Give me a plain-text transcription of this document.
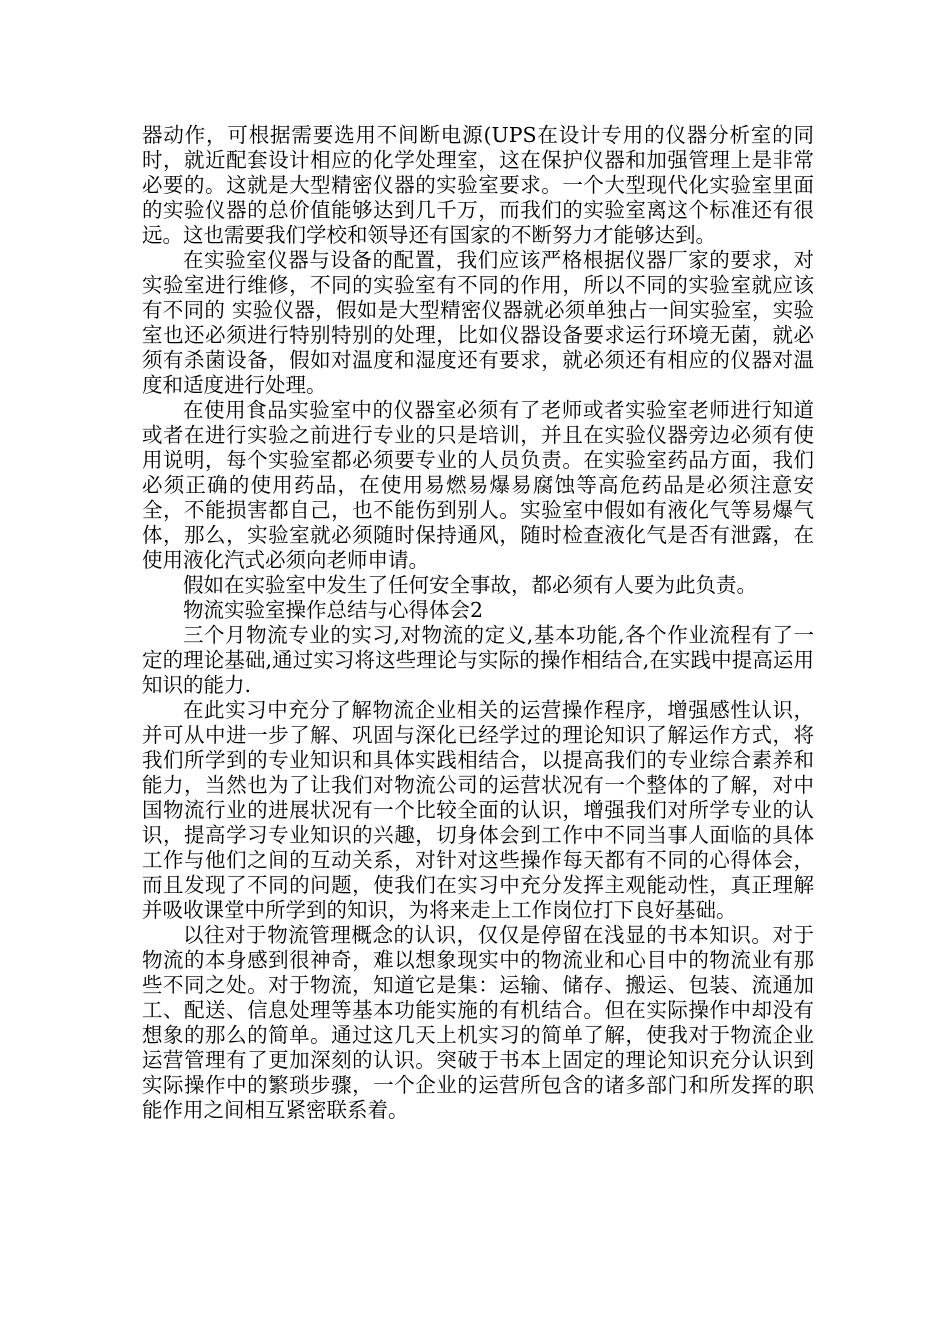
器动作，可根据需要选用不间断电源(UPS在设计专用的仪器分析室的同时，就近配套设计相应的化学处理室，这在保护仪器和加强管理上是非常必要的。这就是大型精密仪器的实验室要求。一个大型现代化实验室里面的实验仪器的总价值能够达到几千万，而我们的实验室离这个标准还有很远。这也需要我们学校和领导还有国家的不断努力才能够达到。

在实验室仪器与设备的配置，我们应该严格根据仪器厂家的要求，对实验室进行维修，不同的实验室有不同的作用，所以不同的实验室就应该有不同的 实验仪器，假如是大型精密仪器就必须单独占一间实验室，实验室也还必须进行特别特别的处理，比如仪器设备要求运行环境无菌，就必须有杀菌设备，假如对温度和湿度还有要求，就必须还有相应的仪器对温度和适度进行处理。

在使用食品实验室中的仪器室必须有了老师或者实验室老师进行知道或者在进行实验之前进行专业的只是培训，并且在实验仪器旁边必须有使用说明，每个实验室都必须要专业的人员负责。在实验室药品方面，我们必须正确的使用药品，在使用易燃易爆易腐蚀等高危药品是必须注意安全，不能损害都自己，也不能伤到别人。实验室中假如有液化气等易爆气体，那么，实验室就必须随时保持通风，随时检查液化气是否有泄露，在使用液化汽式必须向老师申请。

假如在实验室中发生了任何安全事故，都必须有人要为此负责。

物流实验室操作总结与心得体会2

三个月物流专业的实习,对物流的定义,基本功能,各个作业流程有了一定的理论基础,通过实习将这些理论与实际的操作相结合,在实践中提高运用知识的能力.

在此实习中充分了解物流企业相关的运营操作程序，增强感性认识，并可从中进一步了解、巩固与深化已经学过的理论知识了解运作方式，将我们所学到的专业知识和具体实践相结合，以提高我们的专业综合素养和能力，当然也为了让我们对物流公司的运营状况有一个整体的了解，对中国物流行业的进展状况有一个比较全面的认识，增强我们对所学专业的认识，提高学习专业知识的兴趣，切身体会到工作中不同当事人面临的具体工作与他们之间的互动关系，对针对这些操作每天都有不同的心得体会，而且发现了不同的问题，使我们在实习中充分发挥主观能动性，真正理解并吸收课堂中所学到的知识，为将来走上工作岗位打下良好基础。

以往对于物流管理概念的认识，仅仅是停留在浅显的书本知识。对于物流的本身感到很神奇，难以想象现实中的物流业和心目中的物流业有那些不同之处。对于物流，知道它是集：运输、储存、搬运、包装、流通加工、配送、信息处理等基本功能实施的有机结合。但在实际操作中却没有想象的那么的简单。通过这几天上机实习的简单了解，使我对于物流企业运营管理有了更加深刻的认识。突破于书本上固定的理论知识充分认识到实际操作中的繁琐步骤，一个企业的运营所包含的诸多部门和所发挥的职能作用之间相互紧密联系着。
